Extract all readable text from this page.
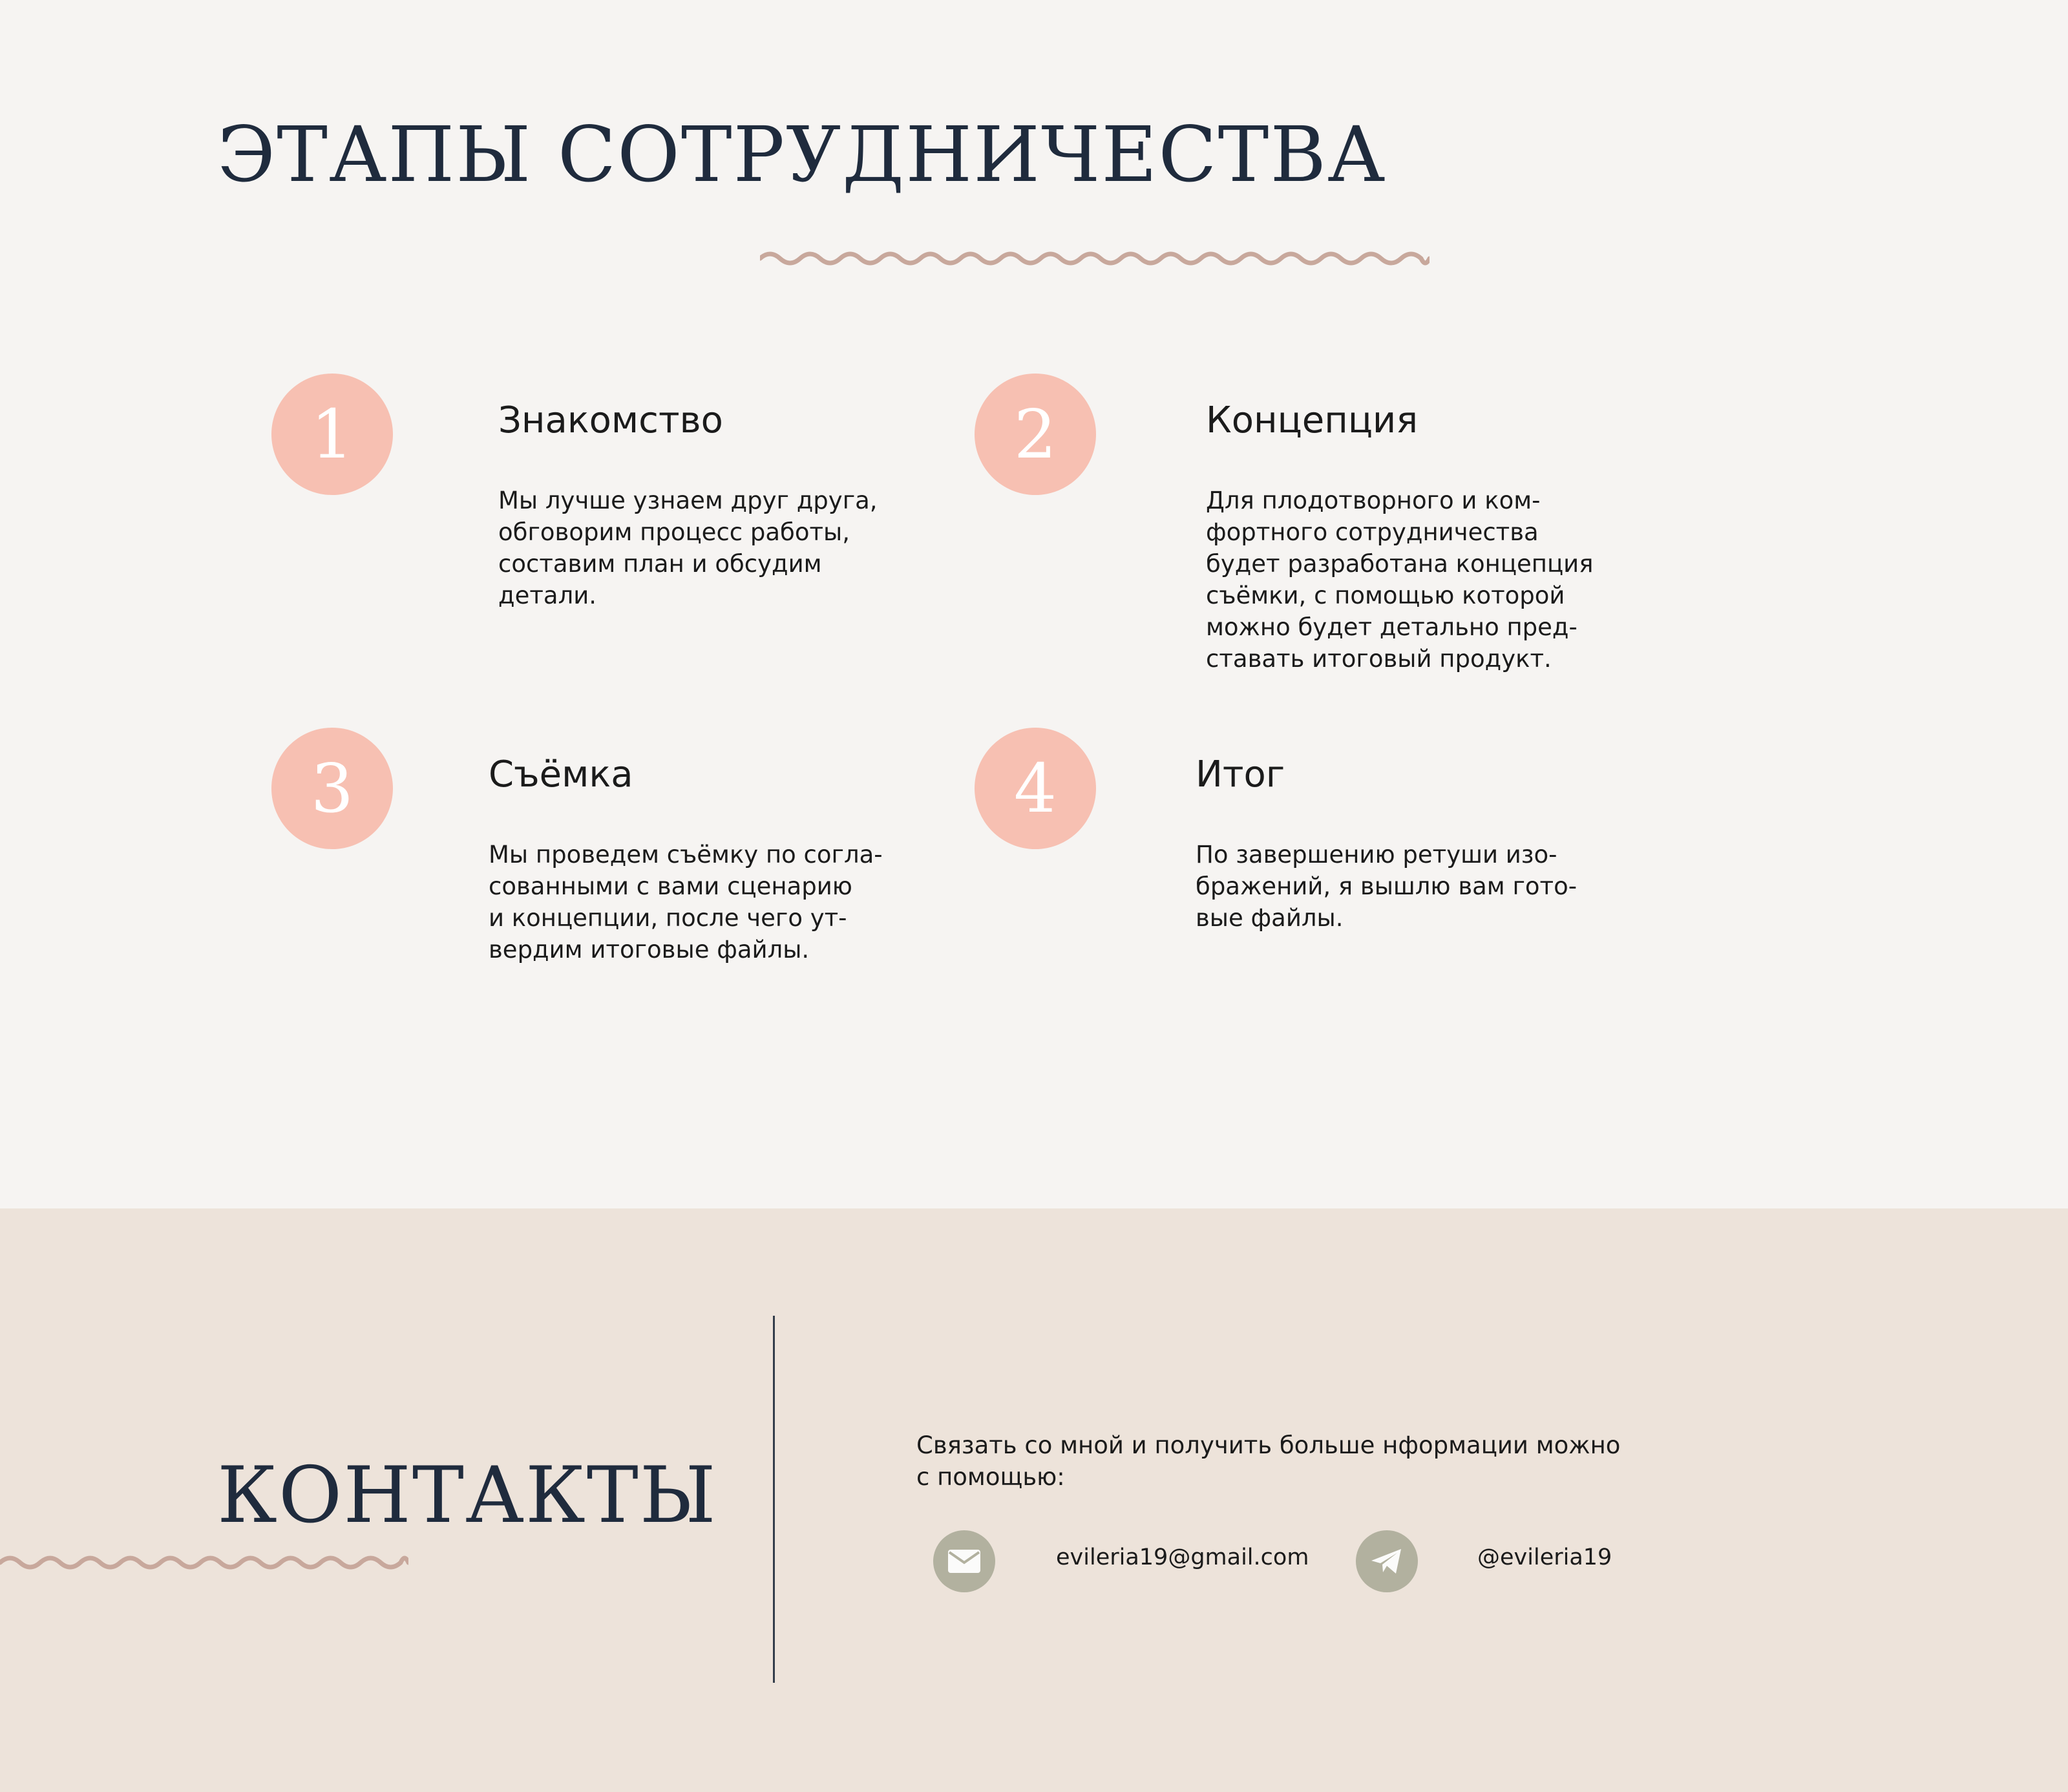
ЭТАПЫ СОТРУДНИЧЕСТВА
1	Знакомство

Мы лучше узнаем друг друга,
обговорим процесс работы,
составим план и обсудим
детали.

2	Концепция

Для плодотворного и ком-
фортного сотрудничества
будет разработана концепция
съёмки, с помощью которой
можно будет детально пред-
ставать итоговый продукт.

3	Съёмка

Мы проведем съёмку по согла-
сованными с вами сценарию
и концепции, после чего ут-
вердим итоговые файлы.

4	Итог

По завершению ретуши изо-
бражений, я вышлю вам гото-
вые файлы.

КОНТАКТЫ

Связать со мной и получить больше нформации можно
с помощью:

evileria19@gmail.com	@evileria19
